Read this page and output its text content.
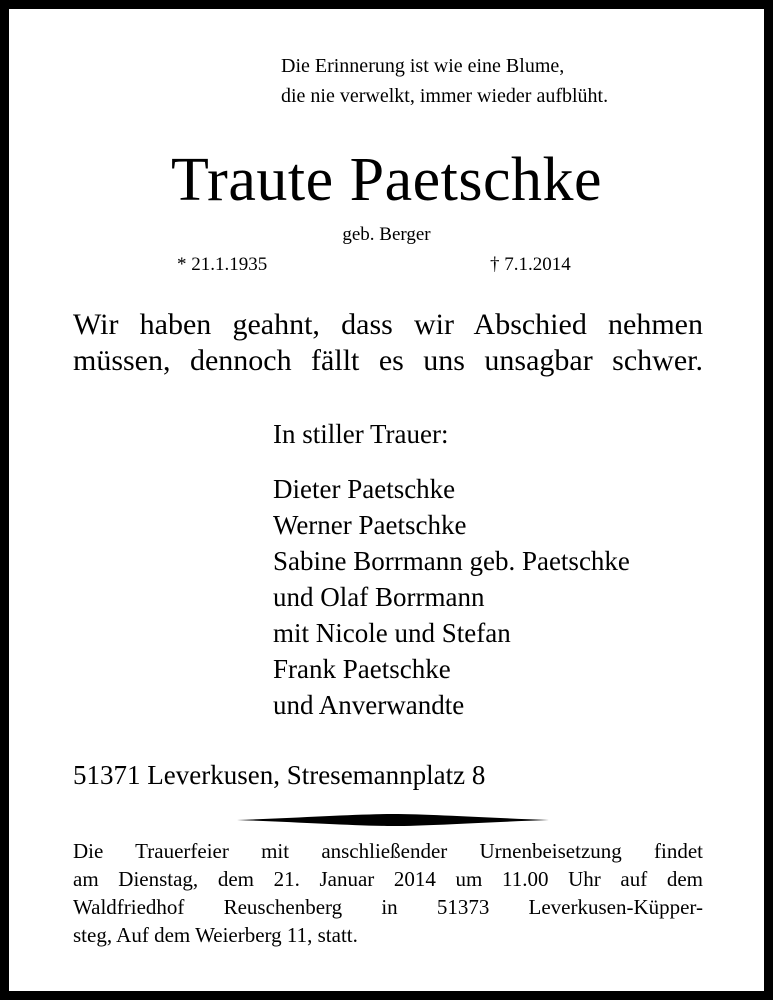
Die Erinnerung ist wie eine Blume,
die nie verwelkt, immer wieder aufblüht.
Traute Paetschke
geb. Berger
* 21.1.1935	† 7.1.2014
Wir haben geahnt, dass wir Abschied nehmen
müssen, dennoch fällt es uns unsagbar schwer.
In stiller Trauer:
Dieter Paetschke
Werner Paetschke
Sabine Borrmann geb. Paetschke
und Olaf Borrmann
mit Nicole und Stefan
Frank Paetschke
und Anverwandte
51371 Leverkusen, Stresemannplatz 8
Die Trauerfeier mit anschließender Urnenbeisetzung findet
am Dienstag, dem 21. Januar 2014 um 11.00 Uhr auf dem
Waldfriedhof Reuschenberg in 51373 Leverkusen-Küpper-
steg, Auf dem Weierberg 11, statt.
